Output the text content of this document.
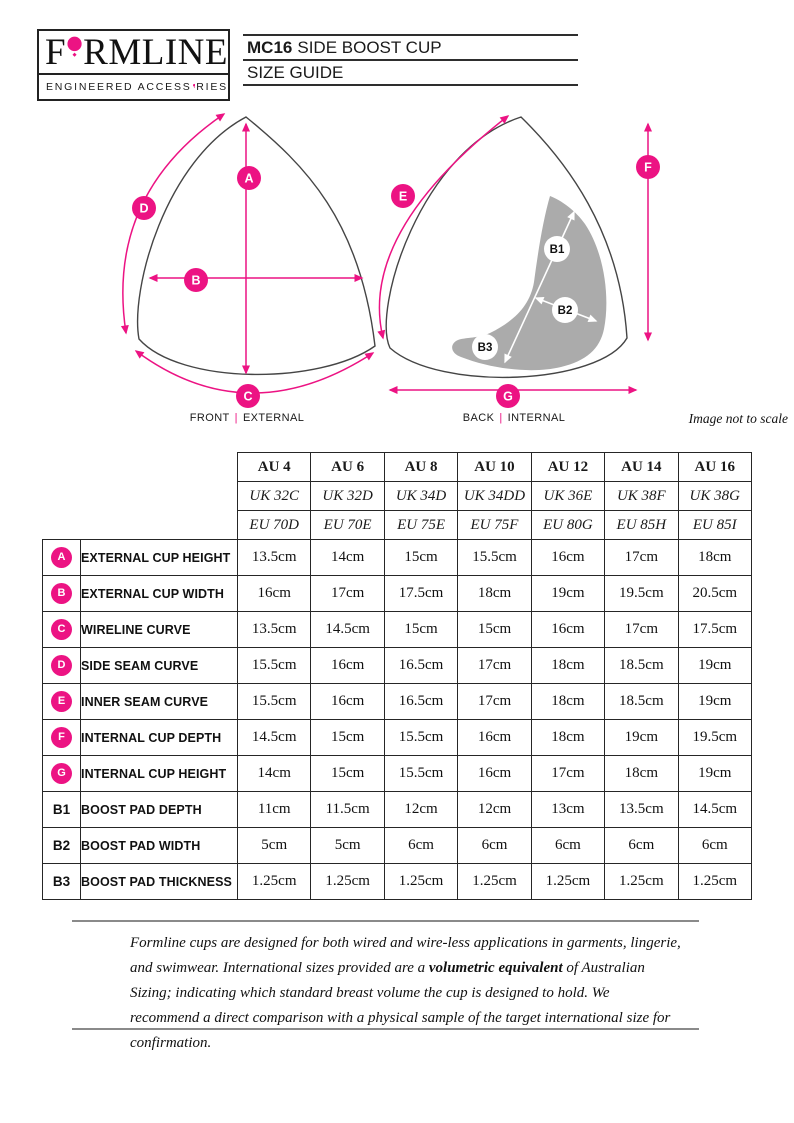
F RMLINE
ENGINEERED ACCESS RIES
MC16 SIDE BOOST CUP
SIZE GUIDE
A
B
C
D
E
F
G
B1
B2
B3
FRONT | EXTERNAL	BACK | INTERNAL	Image not to scale
		AU 4	AU 6	AU 8	AU 10	AU 12	AU 14	AU 16
		UK 32C	UK 32D	UK 34D	UK 34DD	UK 36E	UK 38F	UK 38G
		EU 70D	EU 70E	EU 75E	EU 75F	EU 80G	EU 85H	EU 85I
A	EXTERNAL CUP HEIGHT	13.5cm	14cm	15cm	15.5cm	16cm	17cm	18cm
B	EXTERNAL CUP WIDTH	16cm	17cm	17.5cm	18cm	19cm	19.5cm	20.5cm
C	WIRELINE CURVE	13.5cm	14.5cm	15cm	15cm	16cm	17cm	17.5cm
D	SIDE SEAM CURVE	15.5cm	16cm	16.5cm	17cm	18cm	18.5cm	19cm
E	INNER SEAM CURVE	15.5cm	16cm	16.5cm	17cm	18cm	18.5cm	19cm
F	INTERNAL CUP DEPTH	14.5cm	15cm	15.5cm	16cm	18cm	19cm	19.5cm
G	INTERNAL CUP HEIGHT	14cm	15cm	15.5cm	16cm	17cm	18cm	19cm
B1	BOOST PAD DEPTH	11cm	11.5cm	12cm	12cm	13cm	13.5cm	14.5cm
B2	BOOST PAD WIDTH	5cm	5cm	6cm	6cm	6cm	6cm	6cm
B3	BOOST PAD THICKNESS	1.25cm	1.25cm	1.25cm	1.25cm	1.25cm	1.25cm	1.25cm

Formline cups are designed for both wired and wire-less applications in garments, lingerie, and swimwear. International sizes provided are a volumetric equivalent of Australian Sizing; indicating which standard breast volume the cup is designed to hold. We recommend a direct comparison with a physical sample of the target international size for confirmation.
